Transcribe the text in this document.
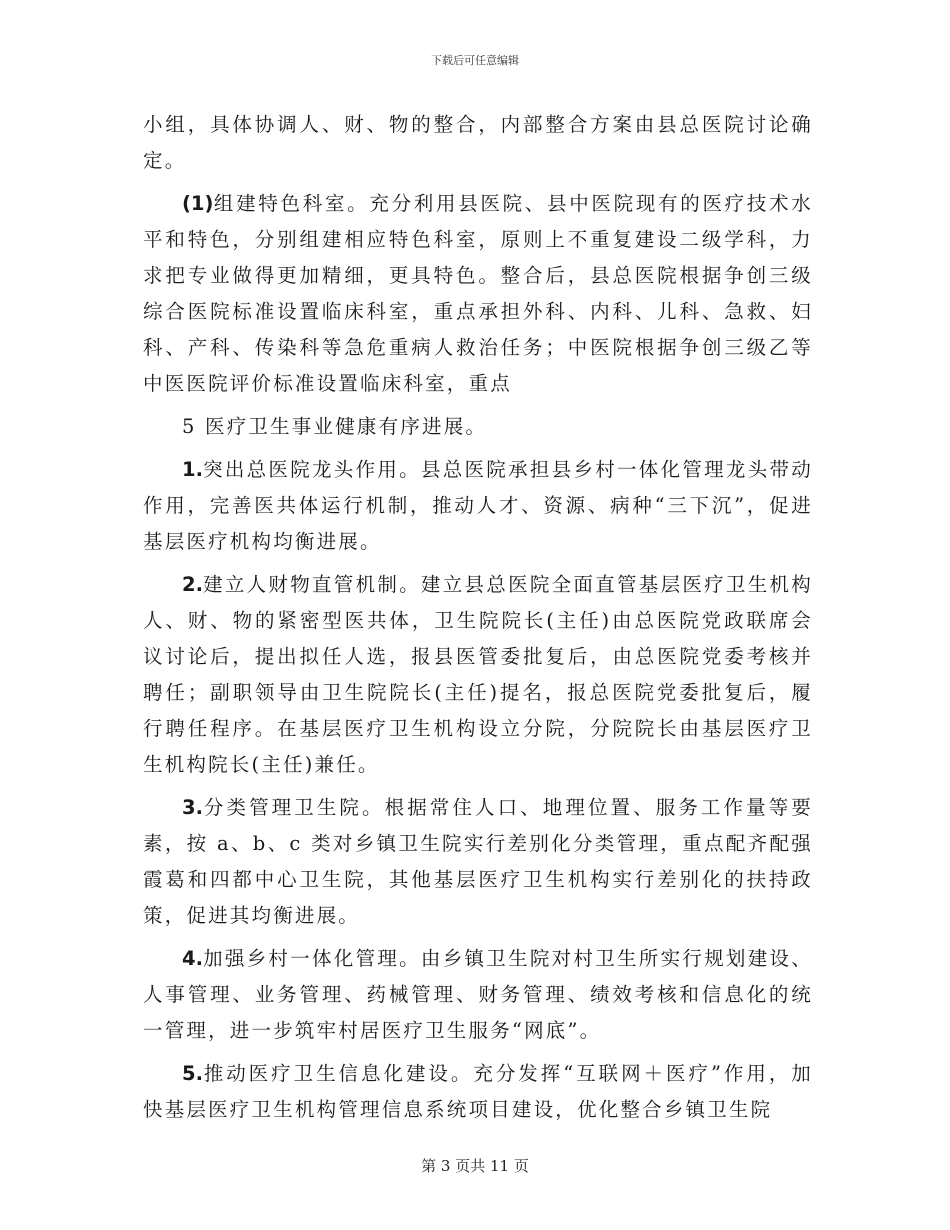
下载后可任意编辑

小组，具体协调人、财、物的整合，内部整合方案由县总医院讨论确定。

(1)组建特色科室。充分利用县医院、县中医院现有的医疗技术水平和特色，分别组建相应特色科室，原则上不重复建设二级学科，力求把专业做得更加精细，更具特色。整合后，县总医院根据争创三级综合医院标准设置临床科室，重点承担外科、内科、儿科、急救、妇科、产科、传染科等急危重病人救治任务；中医院根据争创三级乙等中医医院评价标准设置临床科室，重点

5 医疗卫生事业健康有序进展。

1.突出总医院龙头作用。县总医院承担县乡村一体化管理龙头带动作用，完善医共体运行机制，推动人才、资源、病种“三下沉”，促进基层医疗机构均衡进展。

2.建立人财物直管机制。建立县总医院全面直管基层医疗卫生机构人、财、物的紧密型医共体，卫生院院长(主任)由总医院党政联席会议讨论后，提出拟任人选，报县医管委批复后，由总医院党委考核并聘任；副职领导由卫生院院长(主任)提名，报总医院党委批复后，履行聘任程序。在基层医疗卫生机构设立分院，分院院长由基层医疗卫生机构院长(主任)兼任。

3.分类管理卫生院。根据常住人口、地理位置、服务工作量等要素，按 a、b、c 类对乡镇卫生院实行差别化分类管理，重点配齐配强霞葛和四都中心卫生院，其他基层医疗卫生机构实行差别化的扶持政策，促进其均衡进展。

4.加强乡村一体化管理。由乡镇卫生院对村卫生所实行规划建设、人事管理、业务管理、药械管理、财务管理、绩效考核和信息化的统一管理，进一步筑牢村居医疗卫生服务“网底”。

5.推动医疗卫生信息化建设。充分发挥“互联网＋医疗”作用，加快基层医疗卫生机构管理信息系统项目建设，优化整合乡镇卫生院

第 3 页共 11 页
